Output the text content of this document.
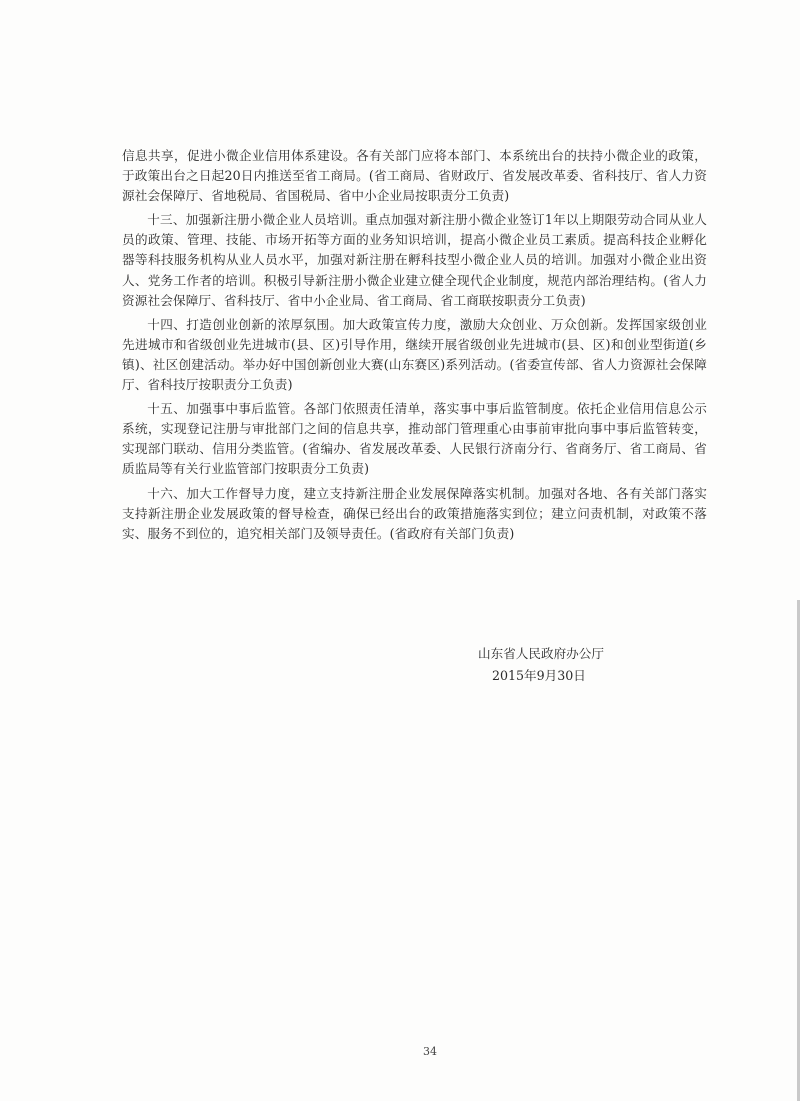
信息共享，促进小微企业信用体系建设。各有关部门应将本部门、本系统出台的扶持小微企业的政策，于政策出台之日起20日内推送至省工商局。(省工商局、省财政厅、省发展改革委、省科技厅、省人力资源社会保障厅、省地税局、省国税局、省中小企业局按职责分工负责)

十三、加强新注册小微企业人员培训。重点加强对新注册小微企业签订1年以上期限劳动合同从业人员的政策、管理、技能、市场开拓等方面的业务知识培训，提高小微企业员工素质。提高科技企业孵化器等科技服务机构从业人员水平，加强对新注册在孵科技型小微企业人员的培训。加强对小微企业出资人、党务工作者的培训。积极引导新注册小微企业建立健全现代企业制度，规范内部治理结构。(省人力资源社会保障厅、省科技厅、省中小企业局、省工商局、省工商联按职责分工负责)

十四、打造创业创新的浓厚氛围。加大政策宣传力度，激励大众创业、万众创新。发挥国家级创业先进城市和省级创业先进城市(县、区)引导作用，继续开展省级创业先进城市(县、区)和创业型街道(乡镇)、社区创建活动。举办好中国创新创业大赛(山东赛区)系列活动。(省委宣传部、省人力资源社会保障厅、省科技厅按职责分工负责)

十五、加强事中事后监管。各部门依照责任清单，落实事中事后监管制度。依托企业信用信息公示系统，实现登记注册与审批部门之间的信息共享，推动部门管理重心由事前审批向事中事后监管转变，实现部门联动、信用分类监管。(省编办、省发展改革委、人民银行济南分行、省商务厅、省工商局、省质监局等有关行业监管部门按职责分工负责)

十六、加大工作督导力度，建立支持新注册企业发展保障落实机制。加强对各地、各有关部门落实支持新注册企业发展政策的督导检查，确保已经出台的政策措施落实到位；建立问责机制，对政策不落实、服务不到位的，追究相关部门及领导责任。(省政府有关部门负责)

山东省人民政府办公厅
2015年9月30日
34
